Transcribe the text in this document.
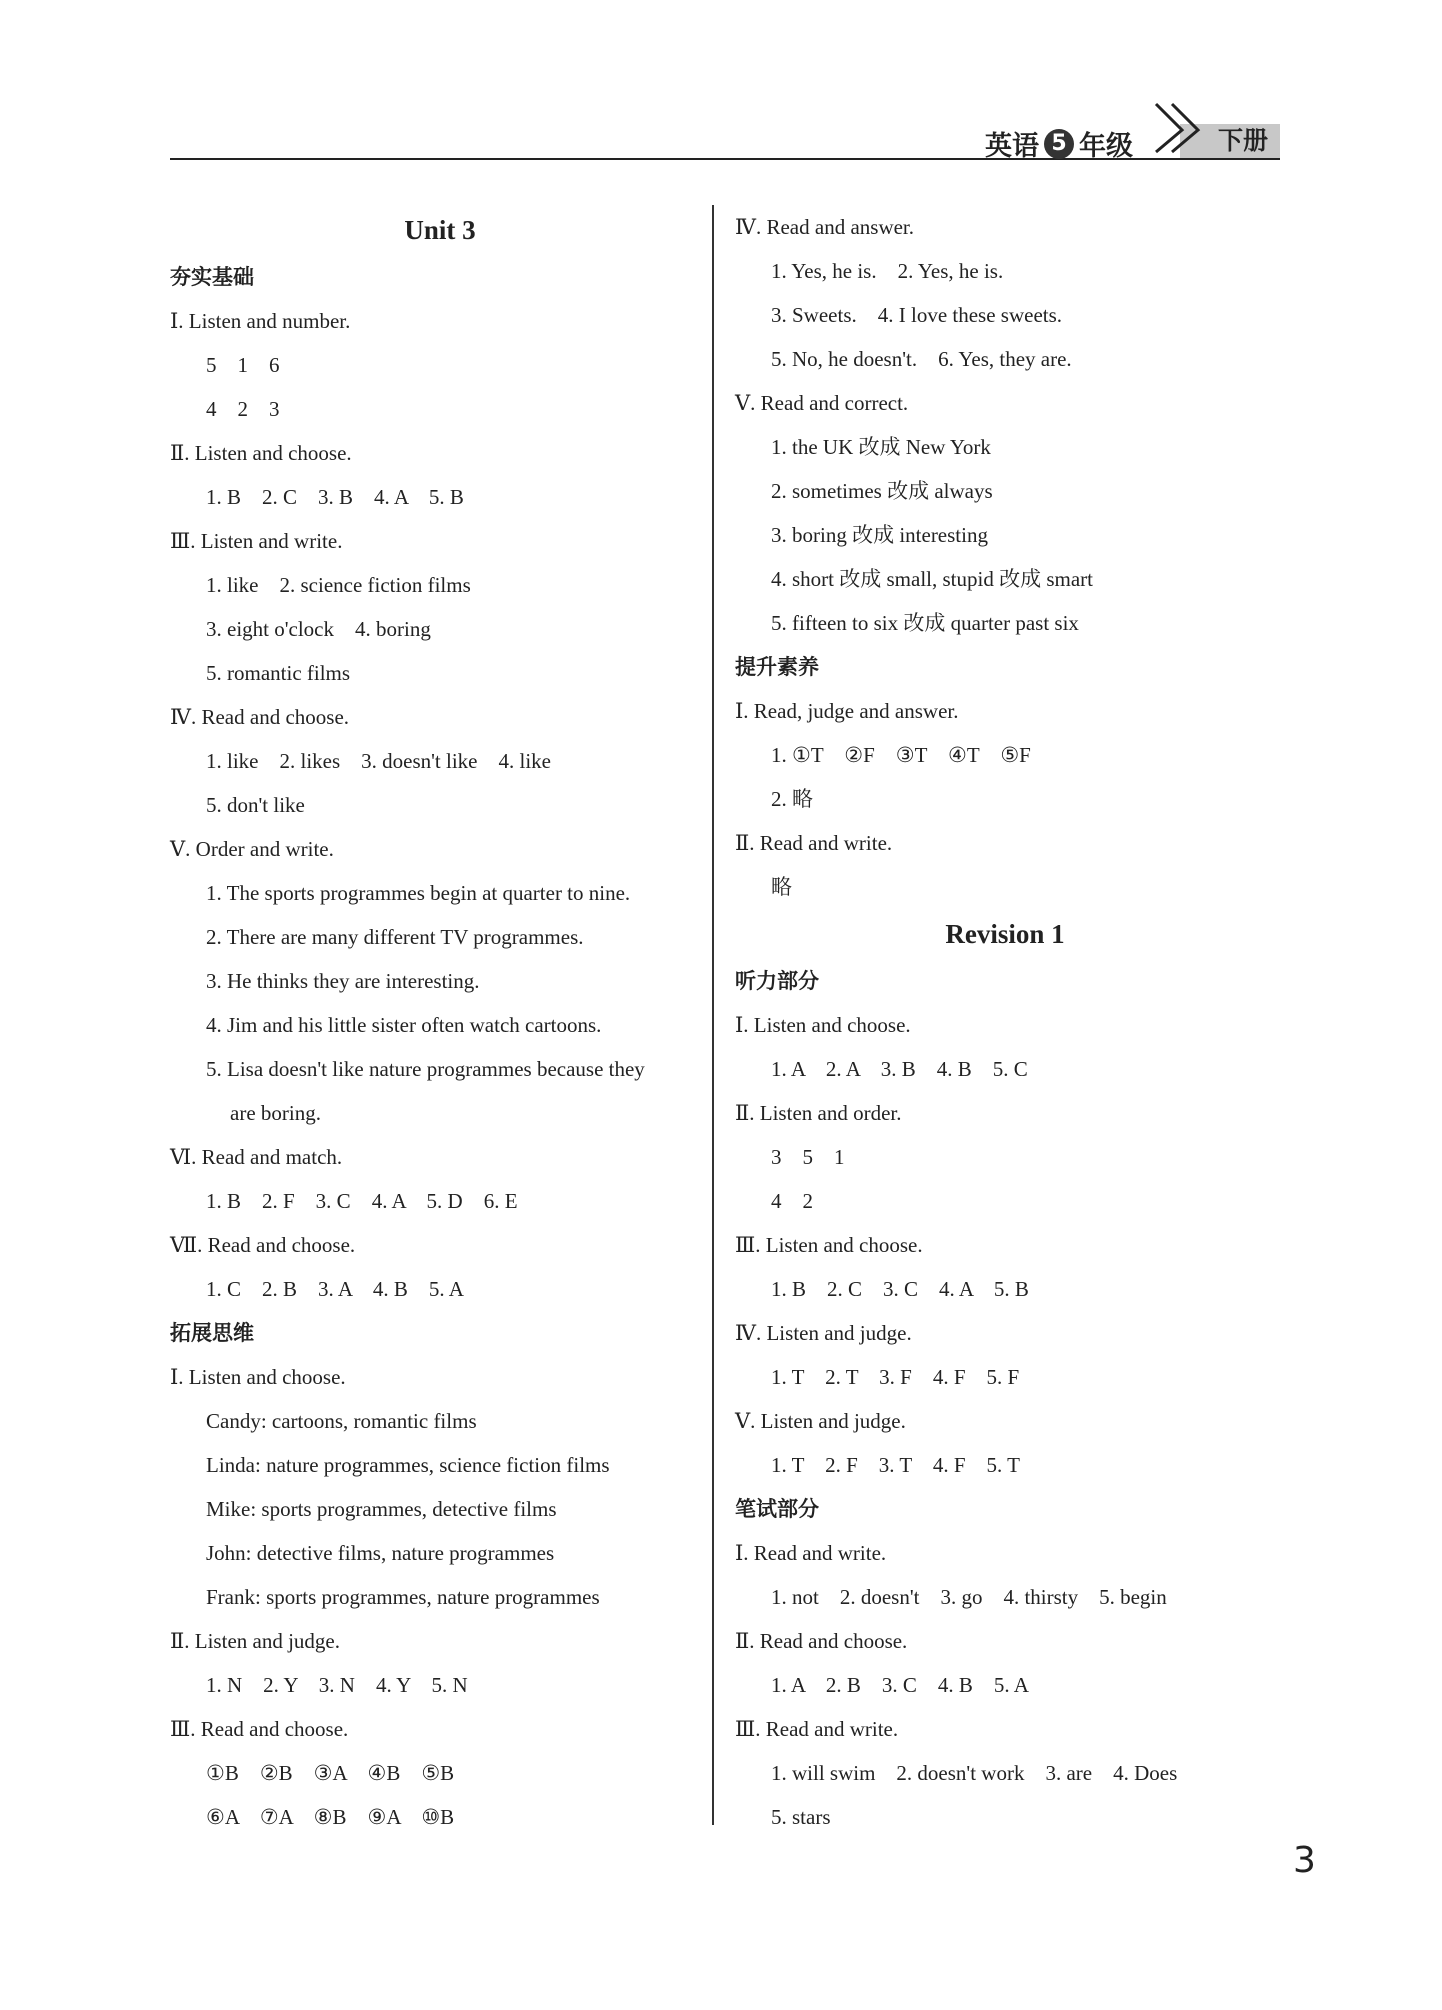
英语 5 年级	下册
Unit 3
夯实基础
Ⅰ. Listen and number.
5　1　6
4　2　3
Ⅱ. Listen and choose.
1. B　2. C　3. B　4. A　5. B
Ⅲ. Listen and write.
1. like　2. science fiction films
3. eight o'clock　4. boring
5. romantic films
Ⅳ. Read and choose.
1. like　2. likes　3. doesn't like　4. like
5. don't like
Ⅴ. Order and write.
1. The sports programmes begin at quarter to nine.
2. There are many different TV programmes.
3. He thinks they are interesting.
4. Jim and his little sister often watch cartoons.
5. Lisa doesn't like nature programmes because they
are boring.
Ⅵ. Read and match.
1. B　2. F　3. C　4. A　5. D　6. E
Ⅶ. Read and choose.
1. C　2. B　3. A　4. B　5. A
拓展思维
Ⅰ. Listen and choose.
Candy: cartoons, romantic films
Linda: nature programmes, science fiction films
Mike: sports programmes, detective films
John: detective films, nature programmes
Frank: sports programmes, nature programmes
Ⅱ. Listen and judge.
1. N　2. Y　3. N　4. Y　5. N
Ⅲ. Read and choose.
①B　②B　③A　④B　⑤B
⑥A　⑦A　⑧B　⑨A　⑩B
Ⅳ. Read and answer.
1. Yes, he is.　2. Yes, he is.
3. Sweets.　4. I love these sweets.
5. No, he doesn't.　6. Yes, they are.
Ⅴ. Read and correct.
1. the UK 改成 New York
2. sometimes 改成 always
3. boring 改成 interesting
4. short 改成 small, stupid 改成 smart
5. fifteen to six 改成 quarter past six
提升素养
Ⅰ. Read, judge and answer.
1. ①T　②F　③T　④T　⑤F
2. 略
Ⅱ. Read and write.
略
Revision 1
听力部分
Ⅰ. Listen and choose.
1. A　2. A　3. B　4. B　5. C
Ⅱ. Listen and order.
3　5　1
4　2
Ⅲ. Listen and choose.
1. B　2. C　3. C　4. A　5. B
Ⅳ. Listen and judge.
1. T　2. T　3. F　4. F　5. F
Ⅴ. Listen and judge.
1. T　2. F　3. T　4. F　5. T
笔试部分
Ⅰ. Read and write.
1. not　2. doesn't　3. go　4. thirsty　5. begin
Ⅱ. Read and choose.
1. A　2. B　3. C　4. B　5. A
Ⅲ. Read and write.
1. will swim　2. doesn't work　3. are　4. Does
5. stars
3
